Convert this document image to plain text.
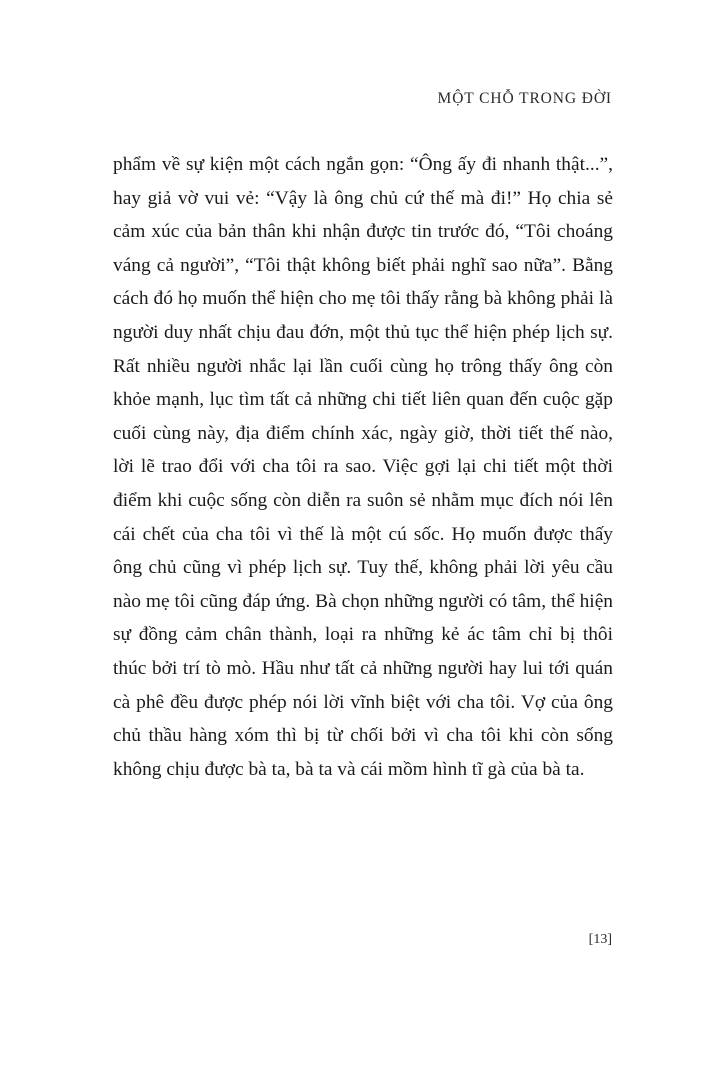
MỘT CHỖ TRONG ĐỜI

phẩm về sự kiện một cách ngắn gọn: “Ông ấy đi nhanh thật...”, hay giả vờ vui vẻ: “Vậy là ông chủ cứ thế mà đi!” Họ chia sẻ cảm xúc của bản thân khi nhận được tin trước đó, “Tôi choáng váng cả người”, “Tôi thật không biết phải nghĩ sao nữa”. Bằng cách đó họ muốn thể hiện cho mẹ tôi thấy rằng bà không phải là người duy nhất chịu đau đớn, một thủ tục thể hiện phép lịch sự. Rất nhiều người nhắc lại lần cuối cùng họ trông thấy ông còn khỏe mạnh, lục tìm tất cả những chi tiết liên quan đến cuộc gặp cuối cùng này, địa điểm chính xác, ngày giờ, thời tiết thế nào, lời lẽ trao đổi với cha tôi ra sao. Việc gợi lại chi tiết một thời điểm khi cuộc sống còn diễn ra suôn sẻ nhằm mục đích nói lên cái chết của cha tôi vì thế là một cú sốc. Họ muốn được thấy ông chủ cũng vì phép lịch sự. Tuy thế, không phải lời yêu cầu nào mẹ tôi cũng đáp ứng. Bà chọn những người có tâm, thể hiện sự đồng cảm chân thành, loại ra những kẻ ác tâm chỉ bị thôi thúc bởi trí tò mò. Hầu như tất cả những người hay lui tới quán cà phê đều được phép nói lời vĩnh biệt với cha tôi. Vợ của ông chủ thầu hàng xóm thì bị từ chối bởi vì cha tôi khi còn sống không chịu được bà ta, bà ta và cái mồm hình tĩ gà của bà ta.

[13]
